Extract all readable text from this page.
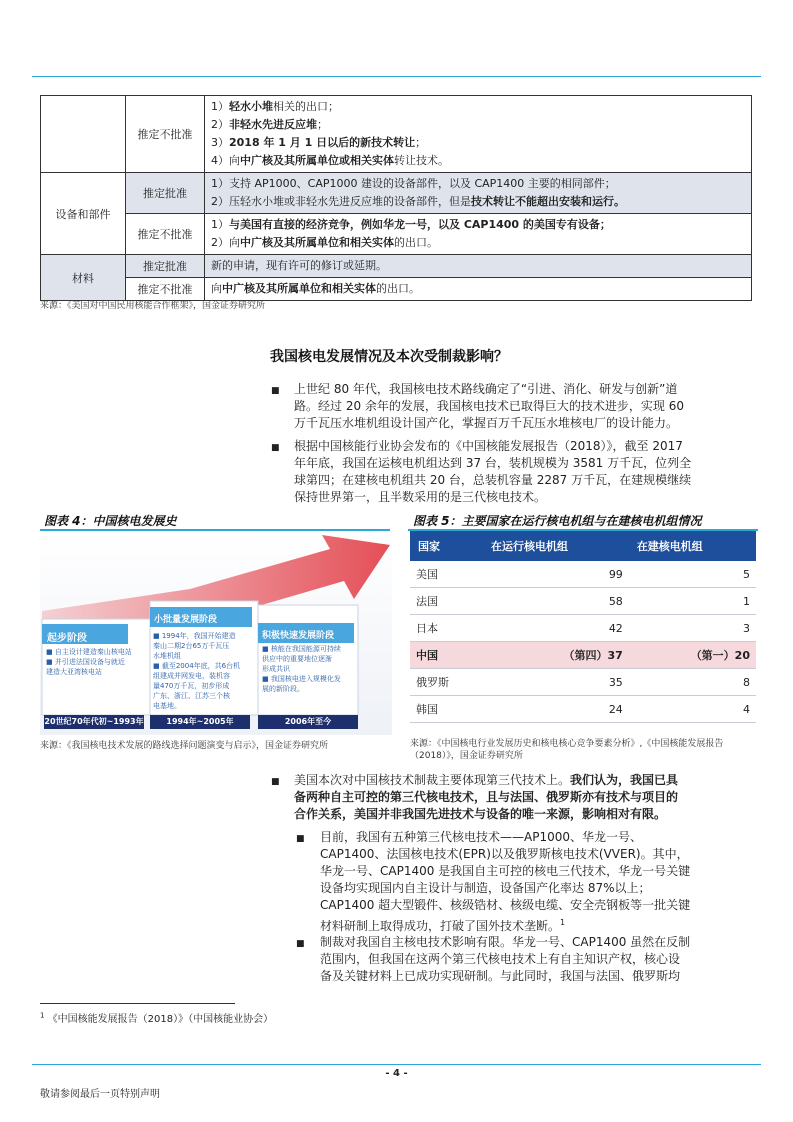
	推定不批准	1）轻水小堆相关的出口；
2）非轻水先进反应堆；
3）2018 年 1 月 1 日以后的新技术转让；
4）向中广核及其所属单位或相关实体转让技术。

设备和部件	推定批准	1）支持 AP1000、CAP1000 建设的设备部件，以及 CAP1400 主要的相同部件；
2）压轻水小堆或非轻水先进反应堆的设备部件，但是技术转让不能超出安装和运行。

	推定不批准	1）与美国有直接的经济竞争，例如华龙一号，以及 CAP1400 的美国专有设备；
2）向中广核及其所属单位和相关实体的出口。

材料	推定批准	新的申请，现有许可的修订或延期。

	推定不批准	向中广核及其所属单位和相关实体的出口。
来源：《美国对中国民用核能合作框架》，国金证券研究所
我国核电发展情况及本次受制裁影响？
■ 上世纪 80 年代，我国核电技术路线确定了“引进、消化、研发与创新”道
路。经过 20 余年的发展，我国核电技术已取得巨大的技术进步，实现 60
万千瓦压水堆机组设计国产化，掌握百万千瓦压水堆核电厂的设计能力。
■ 根据中国核能行业协会发布的《中国核能发展报告（2018）》，截至 2017
年年底，我国在运核电机组达到 37 台，装机规模为 3581 万千瓦，位列全
球第四；在建核电机组共 20 台，总装机容量 2287 万千瓦，在建规模继续
保持世界第一，且半数采用的是三代核电技术。
图表 4：中国核电发展史
起步阶段
■ 自主设计建造秦山核电站
■ 并引进法国设备与就近
建造大亚湾核电站
20世纪70年代初~1993年
小批量发展阶段
■ 1994年，我国开始建造
秦山二期2台65万千瓦压
水堆机组
■ 截至2004年底，共6台机
组建成并网发电，装机容
量470万千瓦，初步形成
广东、浙江、江苏三个核
电基地。
1994年~2005年
积极快速发展阶段
■ 核能在我国能源可持续
供应中的重要地位逐渐
形成共识
■ 我国核电进入规模化发
展的新阶段。
2006年至今
来源：《我国核电技术发展的路线选择问题演变与启示》，国金证券研究所
图表 5：主要国家在运行核电机组与在建核电机组情况
国家	在运行核电机组	在建核电机组
美国	99	5
法国	58	1
日本	42	3
中国	（第四）37	（第一）20
俄罗斯	35	8
韩国	24	4
来源：《中国核电行业发展历史和核电核心竞争要素分析》,《中国核能发展报告
（2018）》，国金证券研究所
■ 美国本次对中国核技术制裁主要体现第三代技术上。我们认为，我国已具
备两种自主可控的第三代核电技术，且与法国、俄罗斯亦有技术与项目的
合作关系，美国并非我国先进技术与设备的唯一来源，影响相对有限。
■ 目前，我国有五种第三代核电技术——AP1000、华龙一号、
CAP1400、法国核电技术(EPR)以及俄罗斯核电技术(VVER)。其中，
华龙一号、CAP1400 是我国自主可控的核电三代技术，华龙一号关键
设备均实现国内自主设计与制造，设备国产化率达 87%以上；
CAP1400 超大型锻件、核级锆材、核级电缆、安全壳钢板等一批关键
材料研制上取得成功，打破了国外技术垄断。$^1$
■ 制裁对我国自主核电技术影响有限。华龙一号、CAP1400 虽然在反制
范围内，但我国在这两个第三代核电技术上有自主知识产权，核心设
备及关键材料上已成功实现研制。与此同时，我国与法国、俄罗斯均
$^1$ 《中国核能发展报告（2018）》（中国核能业协会）
- 4 -
敬请参阅最后一页特别声明
